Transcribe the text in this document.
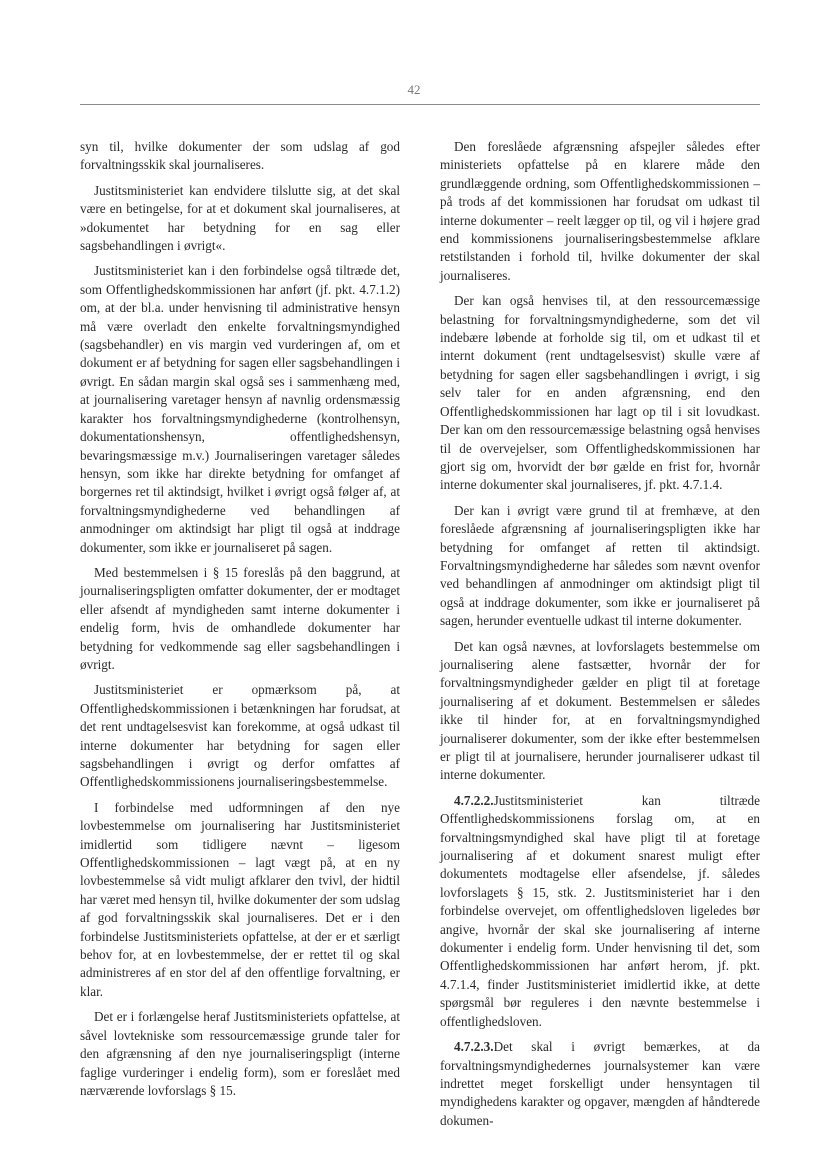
42

syn til, hvilke dokumenter der som udslag af god forvaltningsskik skal journaliseres.

Justitsministeriet kan endvidere tilslutte sig, at det skal være en betingelse, for at et dokument skal journaliseres, at »dokumentet har betydning for en sag eller sagsbehandlingen i øvrigt«.

Justitsministeriet kan i den forbindelse også tiltræde det, som Offentlighedskommissionen har anført (jf. pkt. 4.7.1.2) om, at der bl.a. under henvisning til administrative hensyn må være overladt den enkelte forvaltningsmyndighed (sagsbehandler) en vis margin ved vurderingen af, om et dokument er af betydning for sagen eller sagsbehandlingen i øvrigt. En sådan margin skal også ses i sammenhæng med, at journalisering varetager hensyn af navnlig ordensmæssig karakter hos forvaltningsmyndighederne (kontrolhensyn, dokumentationshensyn, offentlighedshensyn, bevaringsmæssige m.v.) Journaliseringen varetager således hensyn, som ikke har direkte betydning for omfanget af borgernes ret til aktindsigt, hvilket i øvrigt også følger af, at forvaltningsmyndighederne ved behandlingen af anmodninger om aktindsigt har pligt til også at inddrage dokumenter, som ikke er journaliseret på sagen.

Med bestemmelsen i § 15 foreslås på den baggrund, at journaliseringspligten omfatter dokumenter, der er modtaget eller afsendt af myndigheden samt interne dokumenter i endelig form, hvis de omhandlede dokumenter har betydning for vedkommende sag eller sagsbehandlingen i øvrigt.

Justitsministeriet er opmærksom på, at Offentlighedskommissionen i betænkningen har forudsat, at det rent undtagelsesvist kan forekomme, at også udkast til interne dokumenter har betydning for sagen eller sagsbehandlingen i øvrigt og derfor omfattes af Offentlighedskommissionens journaliseringsbestemmelse.

I forbindelse med udformningen af den nye lovbestemmelse om journalisering har Justitsministeriet imidlertid som tidligere nævnt – ligesom Offentlighedskommissionen – lagt vægt på, at en ny lovbestemmelse så vidt muligt afklarer den tvivl, der hidtil har været med hensyn til, hvilke dokumenter der som udslag af god forvaltningsskik skal journaliseres. Det er i den forbindelse Justitsministeriets opfattelse, at der er et særligt behov for, at en lovbestemmelse, der er rettet til og skal administreres af en stor del af den offentlige forvaltning, er klar.

Det er i forlængelse heraf Justitsministeriets opfattelse, at såvel lovtekniske som ressourcemæssige grunde taler for den afgrænsning af den nye journaliseringspligt (interne faglige vurderinger i endelig form), som er foreslået med nærværende lovforslags § 15.

Den foreslåede afgrænsning afspejler således efter ministeriets opfattelse på en klarere måde den grundlæggende ordning, som Offentlighedskommissionen – på trods af det kommissionen har forudsat om udkast til interne dokumenter – reelt lægger op til, og vil i højere grad end kommissionens journaliseringsbestemmelse afklare retstilstanden i forhold til, hvilke dokumenter der skal journaliseres.

Der kan også henvises til, at den ressourcemæssige belastning for forvaltningsmyndighederne, som det vil indebære løbende at forholde sig til, om et udkast til et internt dokument (rent undtagelsesvist) skulle være af betydning for sagen eller sagsbehandlingen i øvrigt, i sig selv taler for en anden afgrænsning, end den Offentlighedskommissionen har lagt op til i sit lovudkast. Der kan om den ressourcemæssige belastning også henvises til de overvejelser, som Offentlighedskommissionen har gjort sig om, hvorvidt der bør gælde en frist for, hvornår interne dokumenter skal journaliseres, jf. pkt. 4.7.1.4.

Der kan i øvrigt være grund til at fremhæve, at den foreslåede afgrænsning af journaliseringspligten ikke har betydning for omfanget af retten til aktindsigt. Forvaltningsmyndighederne har således som nævnt ovenfor ved behandlingen af anmodninger om aktindsigt pligt til også at inddrage dokumenter, som ikke er journaliseret på sagen, herunder eventuelle udkast til interne dokumenter.

Det kan også nævnes, at lovforslagets bestemmelse om journalisering alene fastsætter, hvornår der for forvaltningsmyndigheder gælder en pligt til at foretage journalisering af et dokument. Bestemmelsen er således ikke til hinder for, at en forvaltningsmyndighed journaliserer dokumenter, som der ikke efter bestemmelsen er pligt til at journalisere, herunder journaliserer udkast til interne dokumenter.

4.7.2.2.Justitsministeriet kan tiltræde Offentlighedskommissionens forslag om, at en forvaltningsmyndighed skal have pligt til at foretage journalisering af et dokument snarest muligt efter dokumentets modtagelse eller afsendelse, jf. således lovforslagets § 15, stk. 2. Justitsministeriet har i den forbindelse overvejet, om offentlighedsloven ligeledes bør angive, hvornår der skal ske journalisering af interne dokumenter i endelig form. Under henvisning til det, som Offentlighedskommissionen har anført herom, jf. pkt. 4.7.1.4, finder Justitsministeriet imidlertid ikke, at dette spørgsmål bør reguleres i den nævnte bestemmelse i offentlighedsloven.

4.7.2.3.Det skal i øvrigt bemærkes, at da forvaltningsmyndighedernes journalsystemer kan være indrettet meget forskelligt under hensyntagen til myndighedens karakter og opgaver, mængden af håndterede dokumen-
